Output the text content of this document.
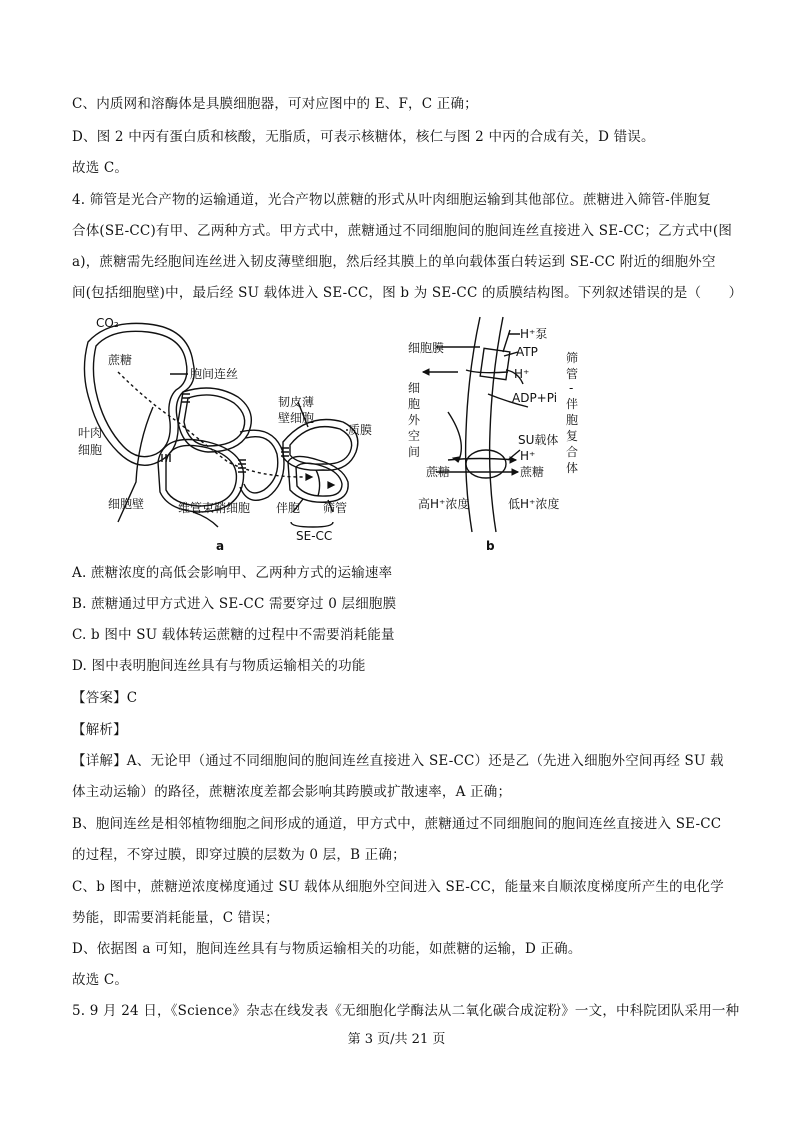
C、内质网和溶酶体是具膜细胞器，可对应图中的 E、F，C 正确；
D、图 2 中丙有蛋白质和核酸，无脂质，可表示核糖体，核仁与图 2 中丙的合成有关，D 错误。
故选 C。
4. 筛管是光合产物的运输通道，光合产物以蔗糖的形式从叶肉细胞运输到其他部位。蔗糖进入筛管-伴胞复
合体(SE-CC)有甲、乙两种方式。甲方式中，蔗糖通过不同细胞间的胞间连丝直接进入 SE-CC；乙方式中(图
a)，蔗糖需先经胞间连丝进入韧皮薄壁细胞，然后经其膜上的单向载体蛋白转运到 SE-CC 附近的细胞外空
间(包括细胞壁)中，最后经 SU 载体进入 SE-CC，图 b 为 SE-CC 的质膜结构图。下列叙述错误的是（　　）
CO₂
蔗糖
胞间连丝
叶肉
细胞
韧皮薄
壁细胞
质膜
细胞壁	维管束鞘细胞 伴胞 筛管
SE-CC
a
细胞膜
H⁺泵
ATP
H⁺
ADP+Pi
细
胞
外
空
间
SU载体
H⁺
蔗糖	蔗糖
高H⁺浓度	低H⁺浓度
筛
管
-
伴
胞
复
合
体
b
A. 蔗糖浓度的高低会影响甲、乙两种方式的运输速率
B. 蔗糖通过甲方式进入 SE-CC 需要穿过 0 层细胞膜
C. b 图中 SU 载体转运蔗糖的过程中不需要消耗能量
D. 图中表明胞间连丝具有与物质运输相关的功能
【答案】C
【解析】
【详解】A、无论甲（通过不同细胞间的胞间连丝直接进入 SE-CC）还是乙（先进入细胞外空间再经 SU 载
体主动运输）的路径，蔗糖浓度差都会影响其跨膜或扩散速率，A 正确；
B、胞间连丝是相邻植物细胞之间形成的通道，甲方式中，蔗糖通过不同细胞间的胞间连丝直接进入 SE-CC
的过程，不穿过膜，即穿过膜的层数为 0 层，B 正确；
C、b 图中，蔗糖逆浓度梯度通过 SU 载体从细胞外空间进入 SE-CC，能量来自顺浓度梯度所产生的电化学
势能，即需要消耗能量，C 错误；
D、依据图 a 可知，胞间连丝具有与物质运输相关的功能，如蔗糖的运输，D 正确。
故选 C。
5. 9 月 24 日，《Science》杂志在线发表《无细胞化学酶法从二氧化碳合成淀粉》一文，中科院团队采用一种
第 3 页/共 21 页
